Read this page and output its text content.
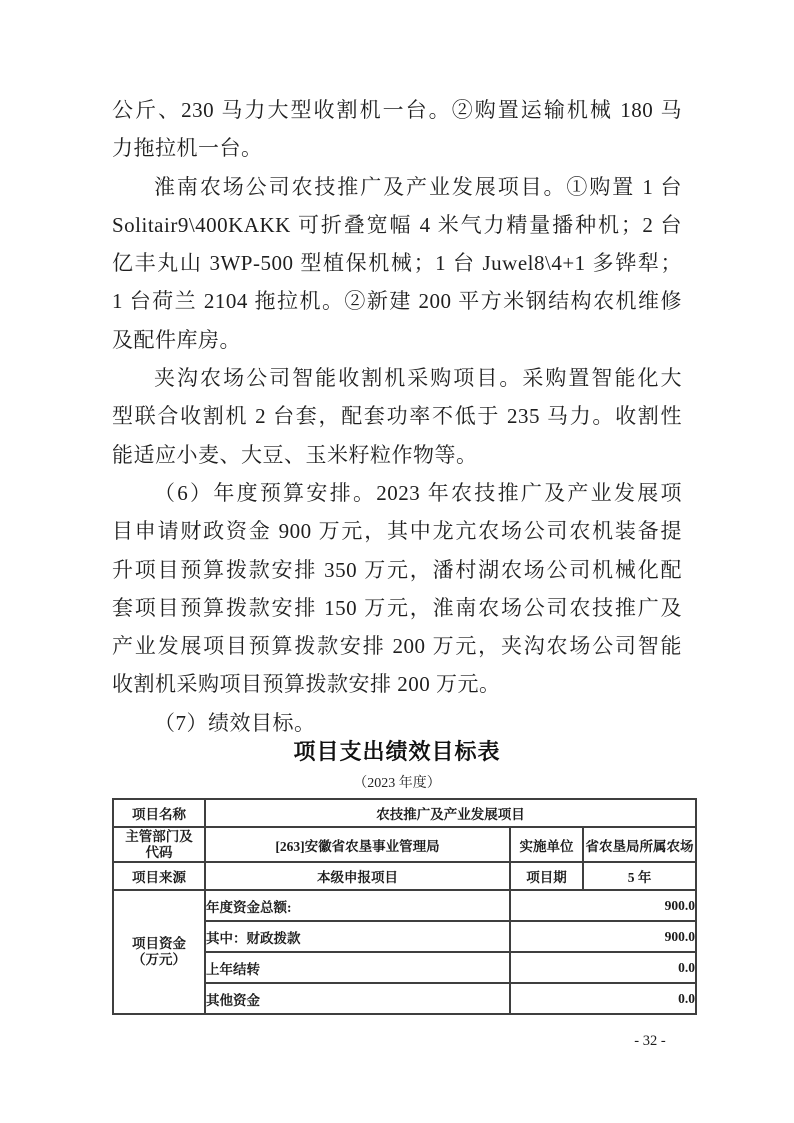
公斤、230 马力大型收割机一台。②购置运输机械 180 马
力拖拉机一台。
淮南农场公司农技推广及产业发展项目。①购置 1 台
Solitair9\400KAKK 可折叠宽幅 4 米气力精量播种机；2 台
亿丰丸山 3WP-500 型植保机械；1 台 Juwel8\4+1 多铧犁；
1 台荷兰 2104 拖拉机。②新建 200 平方米钢结构农机维修
及配件库房。
夹沟农场公司智能收割机采购项目。采购置智能化大
型联合收割机 2 台套，配套功率不低于 235 马力。收割性
能适应小麦、大豆、玉米籽粒作物等。
（6）年度预算安排。2023 年农技推广及产业发展项
目申请财政资金 900 万元，其中龙亢农场公司农机装备提
升项目预算拨款安排 350 万元，潘村湖农场公司机械化配
套项目预算拨款安排 150 万元，淮南农场公司农技推广及
产业发展项目预算拨款安排 200 万元，夹沟农场公司智能
收割机采购项目预算拨款安排 200 万元。
（7）绩效目标。
项目支出绩效目标表
（2023 年度）
项目名称	农技推广及产业发展项目		

主管部门及
代码	[263]安徽省农垦事业管理局	实施单位	省农垦局所属农场
项目来源	本级申报项目	项目期	5 年

项目资金
（万元）	年度资金总额:	900.0	
	其中：财政拨款	900.0	
	上年结转	0.0	
	其他资金	0.0	
- 32 -
